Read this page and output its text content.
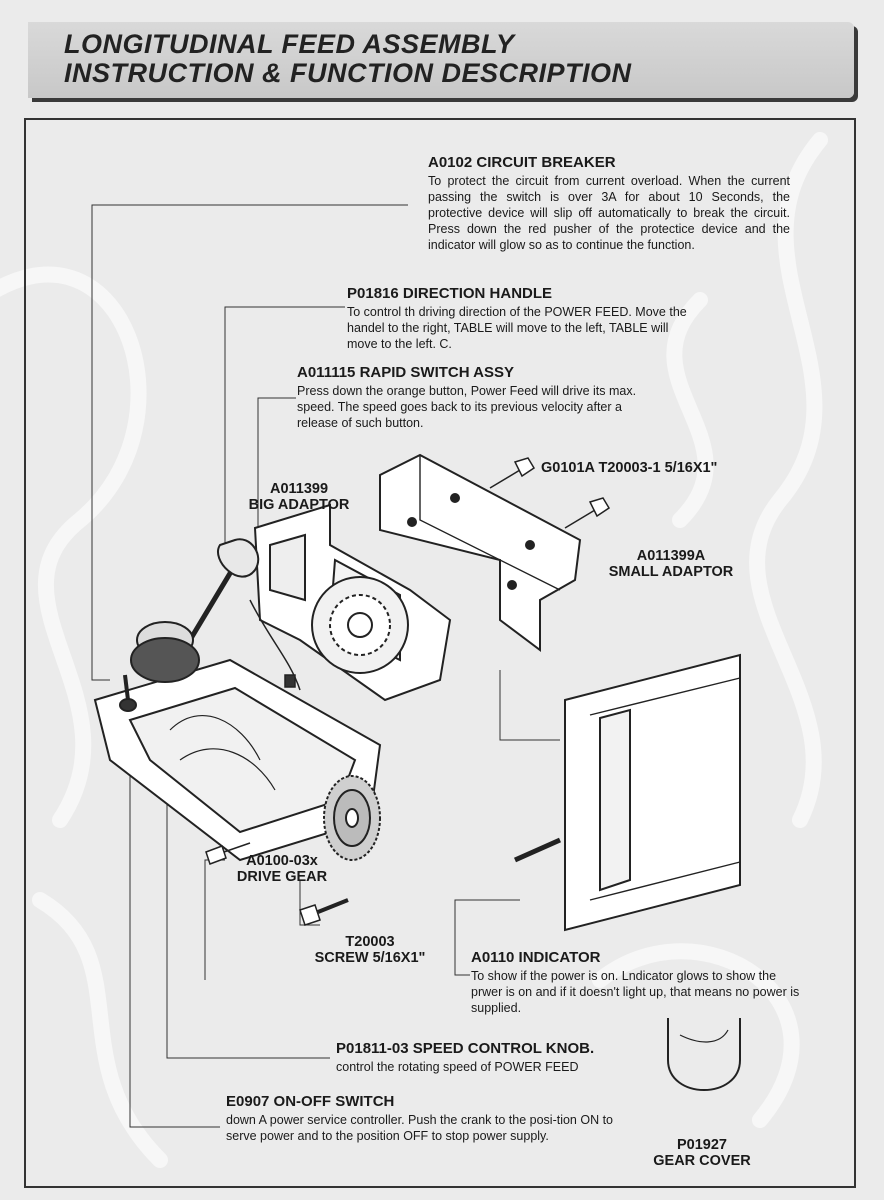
LONGITUDINAL FEED ASSEMBLY
INSTRUCTION & FUNCTION DESCRIPTION
A0102 CIRCUIT BREAKER
To protect the circuit from current overload. When the current passing the switch is over 3A for about 10 Seconds, the protective device will slip off automatically to break the circuit. Press down the red pusher of the protectice device and the indicator will glow so as to continue the function.
P01816 DIRECTION HANDLE
To control th driving direction of the POWER FEED. Move the handel to the right, TABLE will move to the left, TABLE will move to the left. C.
A011115 RAPID SWITCH ASSY
Press down the orange button, Power Feed will drive its max. speed. The speed goes back to its previous velocity after a release of such button.
A0110 INDICATOR
To show if the power is on. Lndicator glows to show the prwer is on and if it doesn't light up, that means no power is supplied.
P01811-03 SPEED CONTROL KNOB.
control the rotating speed of POWER FEED
E0907 ON-OFF SWITCH
down A power service controller. Push the crank to the posi-tion ON to serve power and to the position OFF to stop power supply.
G0101A T20003-1 5/16X1"
A011399
BIG ADAPTOR
A011399A
SMALL ADAPTOR
A0100-03x
DRIVE GEAR
T20003
SCREW 5/16X1"
P01927
GEAR COVER
